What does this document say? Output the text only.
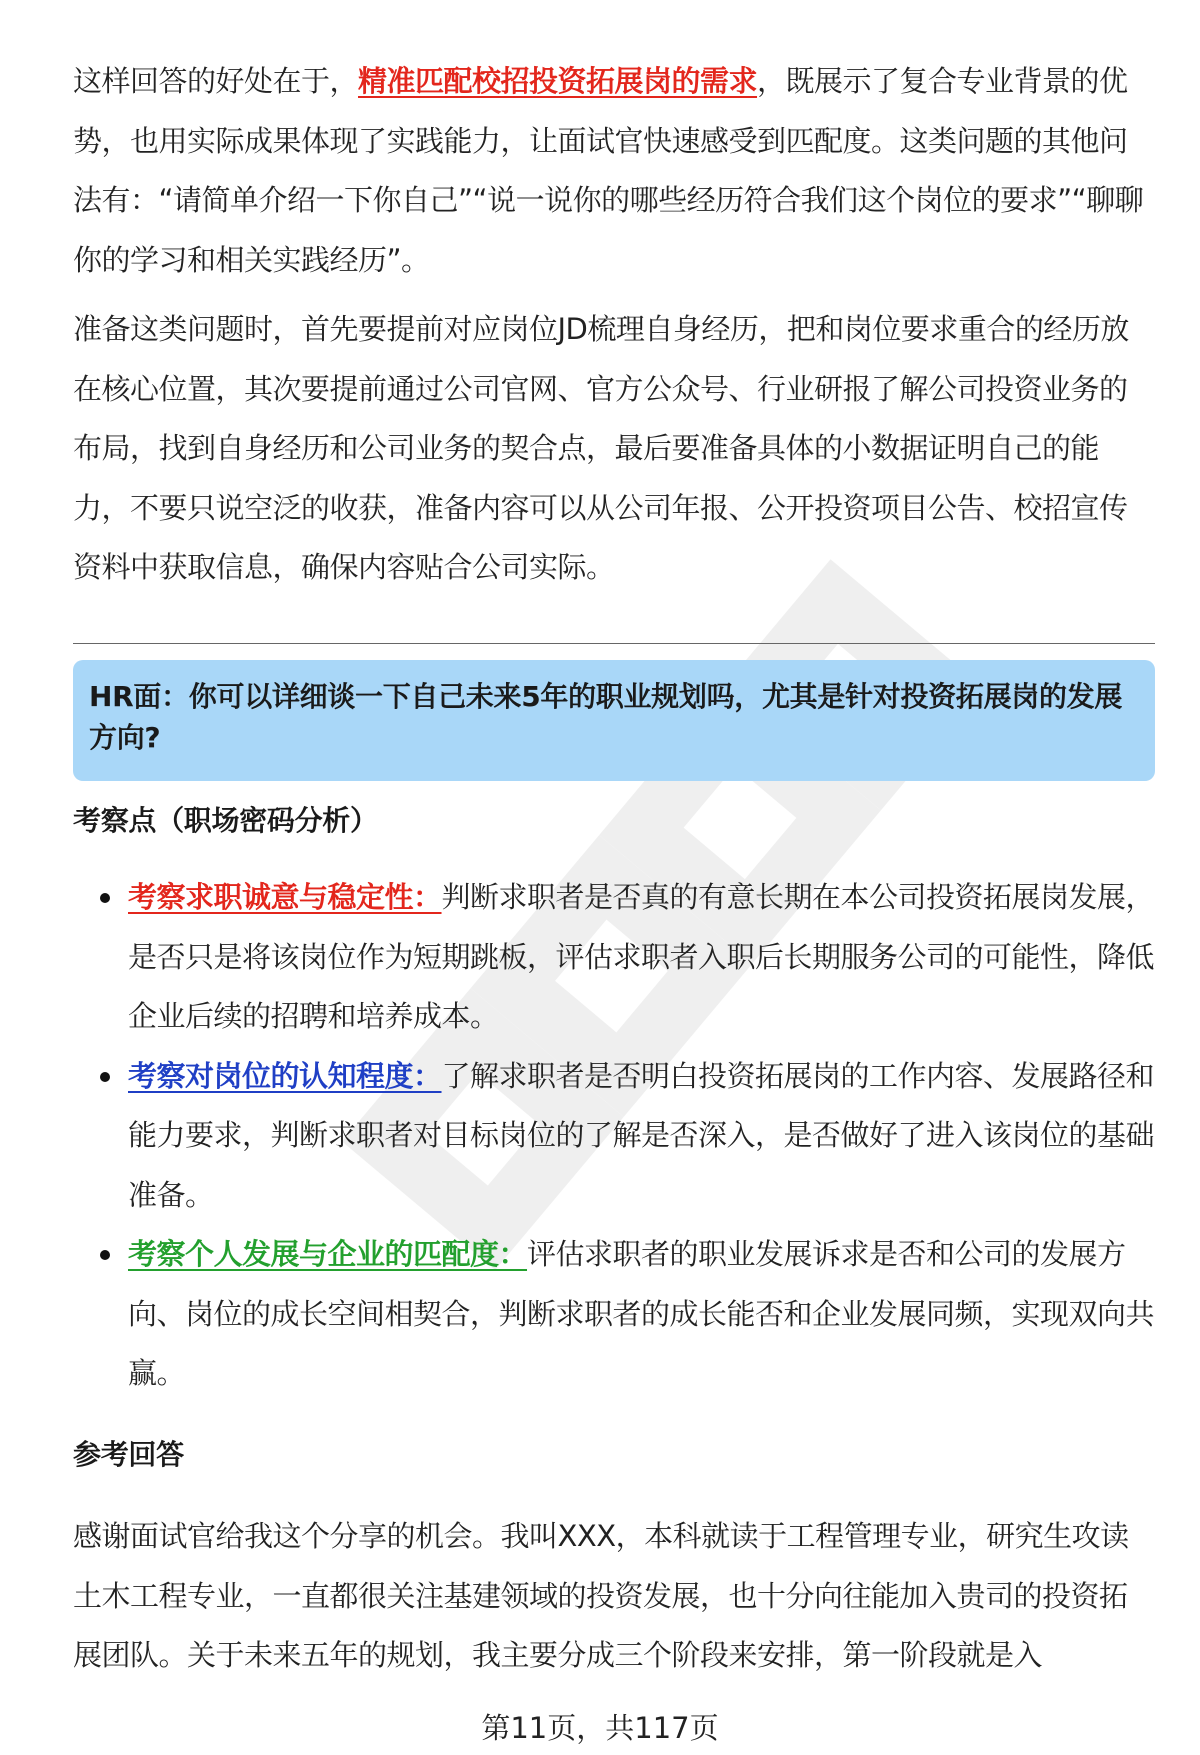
这样回答的好处在于，精准匹配校招投资拓展岗的需求，既展示了复合专业背景的优势，也用实际成果体现了实践能力，让面试官快速感受到匹配度。这类问题的其他问法有：“请简单介绍一下你自己”“说一说你的哪些经历符合我们这个岗位的要求”“聊聊你的学习和相关实践经历”。

准备这类问题时，首先要提前对应岗位JD梳理自身经历，把和岗位要求重合的经历放在核心位置，其次要提前通过公司官网、官方公众号、行业研报了解公司投资业务的布局，找到自身经历和公司业务的契合点，最后要准备具体的小数据证明自己的能力，不要只说空泛的收获，准备内容可以从公司年报、公开投资项目公告、校招宣传资料中获取信息，确保内容贴合公司实际。

HR面：你可以详细谈一下自己未来5年的职业规划吗，尤其是针对投资拓展岗的发展方向?
考察点（职场密码分析）
考察求职诚意与稳定性：判断求职者是否真的有意长期在本公司投资拓展岗发展，是否只是将该岗位作为短期跳板，评估求职者入职后长期服务公司的可能性，降低企业后续的招聘和培养成本。
考察对岗位的认知程度：了解求职者是否明白投资拓展岗的工作内容、发展路径和能力要求，判断求职者对目标岗位的了解是否深入，是否做好了进入该岗位的基础准备。
考察个人发展与企业的匹配度：评估求职者的职业发展诉求是否和公司的发展方向、岗位的成长空间相契合，判断求职者的成长能否和企业发展同频，实现双向共赢。
参考回答

感谢面试官给我这个分享的机会。我叫XXX，本科就读于工程管理专业，研究生攻读土木工程专业，一直都很关注基建领域的投资发展，也十分向往能加入贵司的投资拓展团队。关于未来五年的规划，我主要分成三个阶段来安排，第一阶段就是入

第11页，共117页
